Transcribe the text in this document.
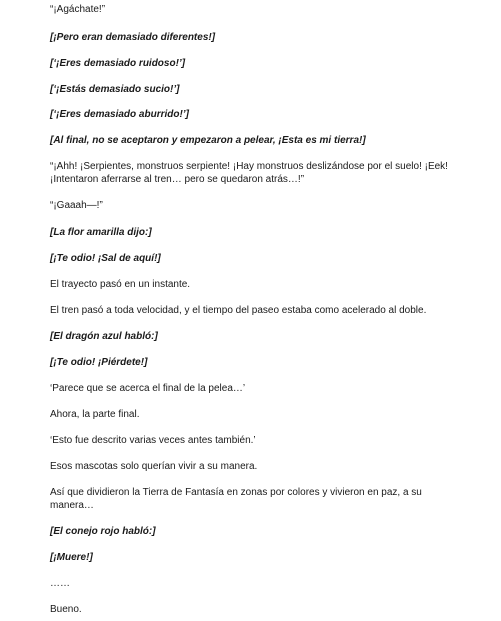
“¡Agáchate!”

[¡Pero eran demasiado diferentes!]

[‘¡Eres demasiado ruidoso!’]

[‘¡Estás demasiado sucio!’]

[‘¡Eres demasiado aburrido!’]

[Al final, no se aceptaron y empezaron a pelear, ¡Esta es mi tierra!]

“¡Ahh! ¡Serpientes, monstruos serpiente! ¡Hay monstruos deslizándose por el suelo! ¡Eek! ¡Intentaron aferrarse al tren… pero se quedaron atrás…!”

“¡Gaaah—!”

[La flor amarilla dijo:]

[¡Te odio! ¡Sal de aquí!]

El trayecto pasó en un instante.

El tren pasó a toda velocidad, y el tiempo del paseo estaba como acelerado al doble.

[El dragón azul habló:]

[¡Te odio! ¡Piérdete!]

‘Parece que se acerca el final de la pelea…’

Ahora, la parte final.

‘Esto fue descrito varias veces antes también.’

Esos mascotas solo querían vivir a su manera.

Así que dividieron la Tierra de Fantasía en zonas por colores y vivieron en paz, a su manera…

[El conejo rojo habló:]

[¡Muere!]

……

Bueno.
